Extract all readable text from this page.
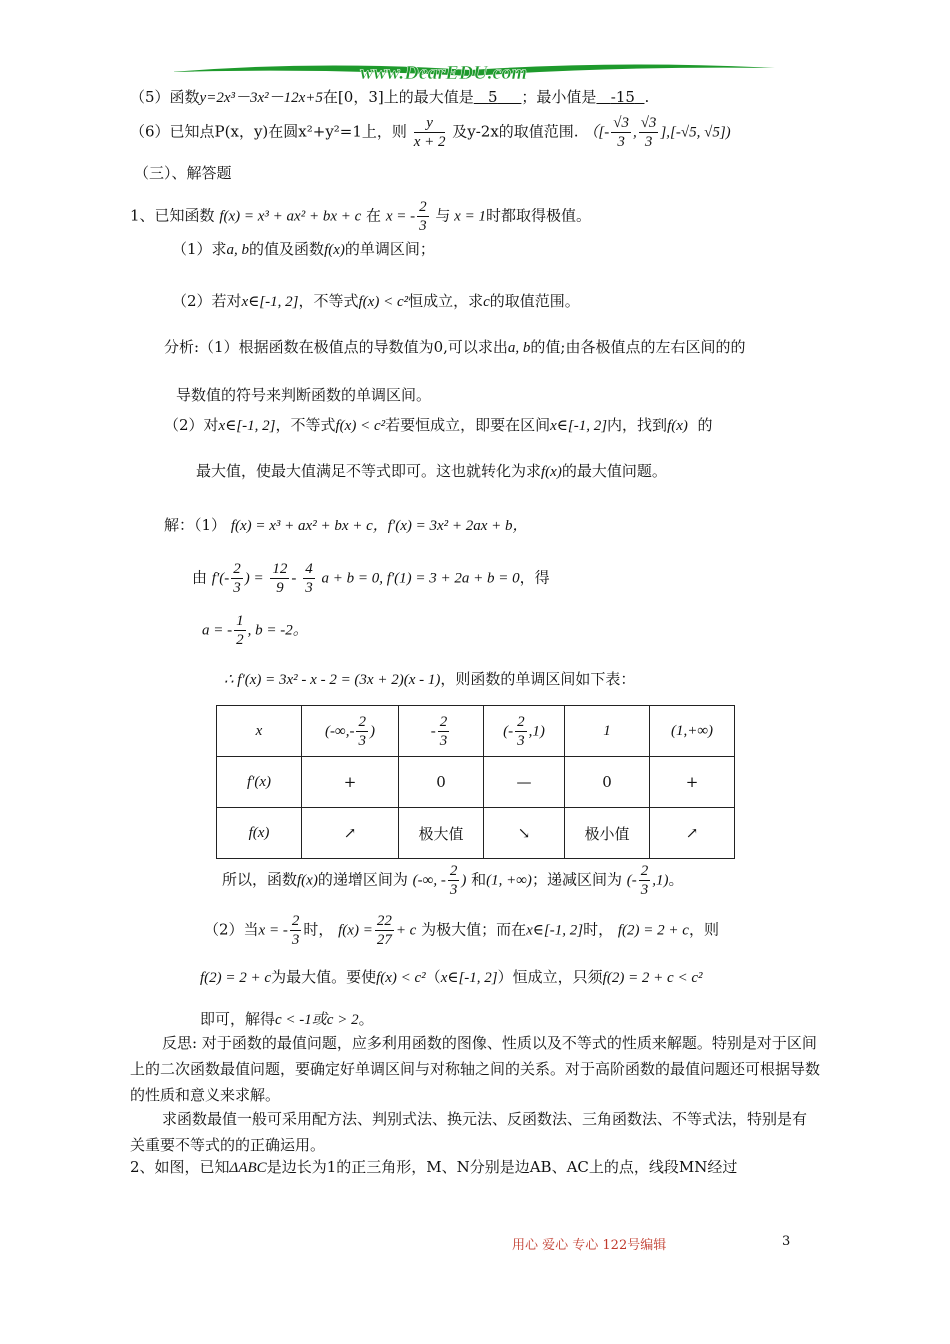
www.DearEDU.com
（5）函数y=2x³－3x²－12x+5在[0，3]上的最大值是 5 ；最小值是 -15 .
（6）已知点P(x，y)在圆x²+y²=1上，则 $\frac{y}{x + 2}$ 及y-2x的取值范围. （[- $\frac{√3}{3}$ , $\frac{√3}{3} ],[-√5$, √5])
（三）、解答题
1、已知函数 f(x) = x³ + ax² + bx + c 在 x = - $\frac{2}{3}$ 与 x = 1时都取得极值。
（1）求a, b的值及函数f(x)的单调区间；
（2）若对x∈[-1, 2]，不等式f(x) < c²恒成立，求c的取值范围。
分析:（1）根据函数在极值点的导数值为0,可以求出a, b的值;由各极值点的左右区间的的
导数值的符号来判断函数的单调区间。
（2）对x∈[-1, 2]，不等式f(x) < c²若要恒成立，即要在区间x∈[-1, 2]内，找到f(x) 的
最大值，使最大值满足不等式即可。这也就转化为求f(x)的最大值问题。
解：（1） f(x) = x³ + ax² + bx + c，f′(x) = 3x² + 2ax + b，
由 $f'(- \frac{2}{3}$ ) = $\frac{12}{9} - \frac{4}{3}$ a + b = 0, f′(1) = 3 + 2a + b = 0，得
a = - $\frac{1}{2}$ , b = -2。
∴ f′(x) = 3x² - x - 2 = (3x + 2)(x - 1)，则函数的单调区间如下表：
x	(-∞,- $\frac{2}{3}$ )	- $\frac{2}{3}$	(- $\frac{2}{3} ,1$)	1	(1,+∞)
f′(x)	+	0	—	0	+
f(x)	↗	极大值	↘	极小值	↗
所以，函数f(x)的递增区间为 (-∞, - $\frac{2}{3}$ ) 和(1, +∞)；递减区间为 (- $\frac{2}{3} ,1$)。
（2）当x = - $\frac{2}{3}$ 时， $f(x) = \frac{22}{27} + c$ 为极大值；而在x∈[-1, 2]时， f(2) = 2 + c，则
f(2) = 2 + c为最大值。要使f(x) < c²（x∈[-1, 2]）恒成立，只须f(2) = 2 + c < c²
即可，解得c < -1或c > 2。
反思: 对于函数的最值问题，应多利用函数的图像、性质以及不等式的性质来解题。特别是对于区间上的二次函数最值问题，要确定好单调区间与对称轴之间的关系。对于高阶函数的最值问题还可根据导数的性质和意义来求解。
求函数最值一般可采用配方法、判别式法、换元法、反函数法、三角函数法、不等式法，特别是有关重要不等式的的正确运用。
2、如图，已知ΔABC是边长为1的正三角形，M、N分别是边AB、AC上的点，线段MN经过
用心 爱心 专心 122号编辑	3
